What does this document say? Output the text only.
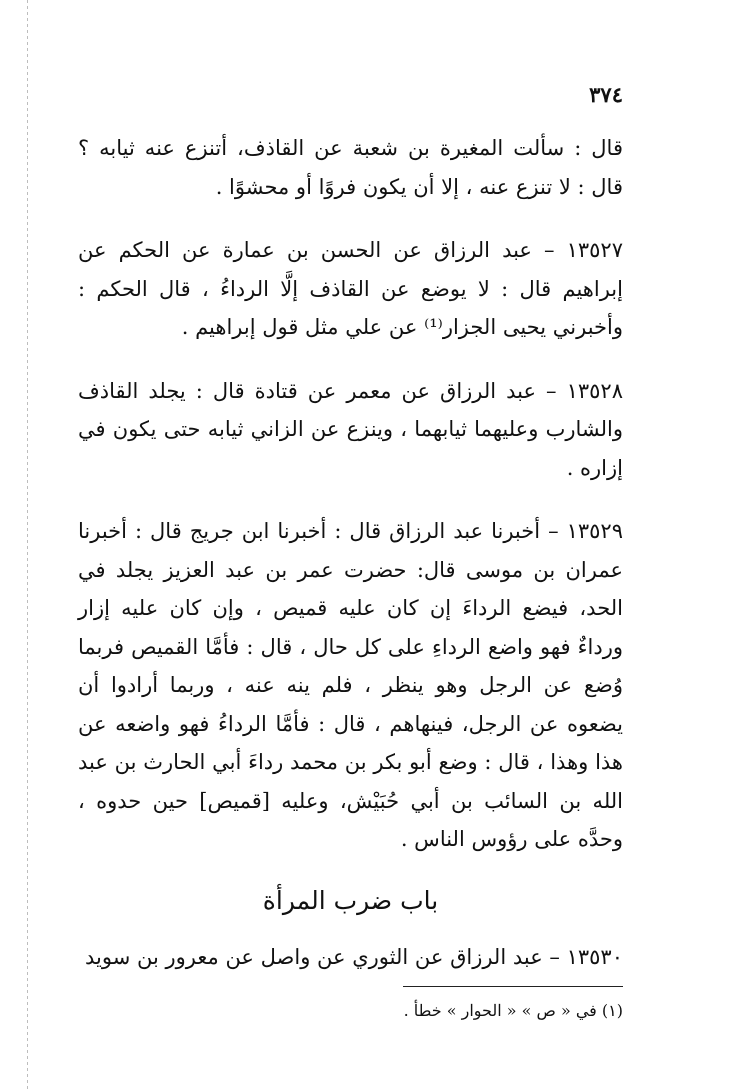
٣٧٤

قال : سألت المغيرة بن شعبة عن القاذف، أتنزع عنه ثيابه ؟ قال : لا تنزع عنه ، إلا أن يكون فروًا أو محشوًا .

١٣٥٢٧ – عبد الرزاق عن الحسن بن عمارة عن الحكم عن إبراهيم قال : لا يوضع عن القاذف إلَّا الرداءُ ، قال الحكم : وأخبرني يحيى الجزار⁽¹⁾ عن علي مثل قول إبراهيم .

١٣٥٢٨ – عبد الرزاق عن معمر عن قتادة قال : يجلد القاذف والشارب وعليهما ثيابهما ، وينزع عن الزاني ثيابه حتى يكون في إزاره .

١٣٥٢٩ – أخبرنا عبد الرزاق قال : أخبرنا ابن جريج قال : أخبرنا عمران بن موسى قال: حضرت عمر بن عبد العزيز يجلد في الحد، فيضع الرداءَ إن كان عليه قميص ، وإن كان عليه إزار ورداءٌ فهو واضع الرداءِ على كل حال ، قال : فأمَّا القميص فربما وُضع عن الرجل وهو ينظر ، فلم ينه عنه ، وربما أرادوا أن يضعوه عن الرجل، فينهاهم ، قال : فأمَّا الرداءُ فهو واضعه عن هذا وهذا ، قال : وضع أبو بكر بن محمد رداءَ أبي الحارث بن عبد الله بن السائب بن أبي حُبَيْش، وعليه [قميص] حين حدوه ، وحدَّه على رؤوس الناس .

باب ضرب المرأة

١٣٥٣٠ – عبد الرزاق عن الثوري عن واصل عن معرور بن سويد

(١) في « ص » « الحوار » خطأ .
